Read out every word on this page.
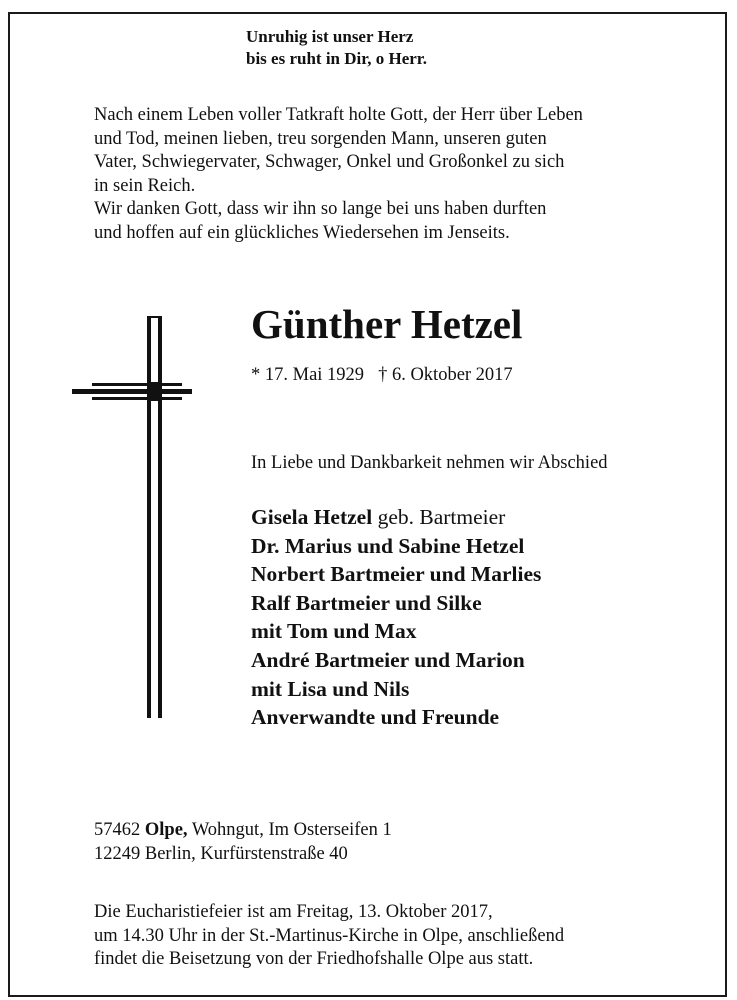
Unruhig ist unser Herz
bis es ruht in Dir, o Herr.
Nach einem Leben voller Tatkraft holte Gott, der Herr über Leben
und Tod, meinen lieben, treu sorgenden Mann, unseren guten
Vater, Schwiegervater, Schwager, Onkel und Großonkel zu sich
in sein Reich.
Wir danken Gott, dass wir ihn so lange bei uns haben durften
und hoffen auf ein glückliches Wiedersehen im Jenseits.
Günther Hetzel
* 17. Mai 1929 † 6. Oktober 2017
In Liebe und Dankbarkeit nehmen wir Abschied
Gisela Hetzel geb. Bartmeier
Dr. Marius und Sabine Hetzel
Norbert Bartmeier und Marlies
Ralf Bartmeier und Silke
mit Tom und Max
André Bartmeier und Marion
mit Lisa und Nils
Anverwandte und Freunde
57462 Olpe, Wohngut, Im Osterseifen 1
12249 Berlin, Kurfürstenstraße 40
Die Eucharistiefeier ist am Freitag, 13. Oktober 2017,
um 14.30 Uhr in der St.-Martinus-Kirche in Olpe, anschließend
findet die Beisetzung von der Friedhofshalle Olpe aus statt.
